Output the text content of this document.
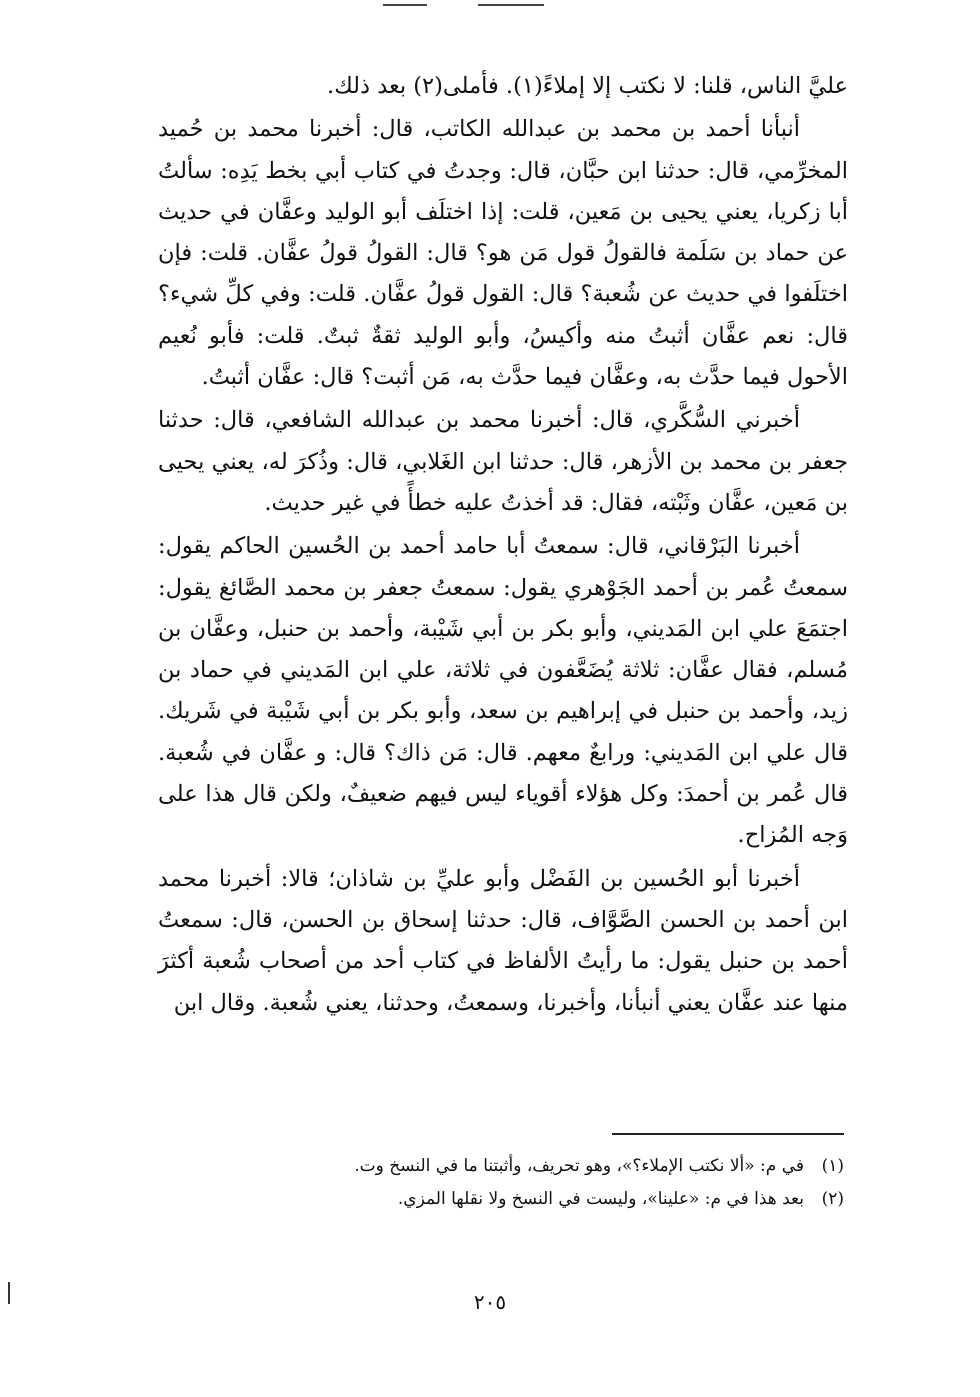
عليَّ الناس، قلنا: لا نكتب إلا إملاءً(١). فأملى(٢) بعد ذلك.

أنبأنا أحمد بن محمد بن عبدالله الكاتب، قال: أخبرنا محمد بن حُميد المخرِّمي، قال: حدثنا ابن حبَّان، قال: وجدتُ في كتاب أبي بخط يَدِه: سألتُ أبا زكريا، يعني يحيى بن مَعين، قلت: إذا اختلَف أبو الوليد وعفَّان في حديث عن حماد بن سَلَمة فالقولُ قول مَن هو؟ قال: القولُ قولُ عفَّان. قلت: فإن اختلَفوا في حديث عن شُعبة؟ قال: القول قولُ عفَّان. قلت: وفي كلِّ شيء؟ قال: نعم عفَّان أثبتُ منه وأكيسُ، وأبو الوليد ثقةٌ ثبتٌ. قلت: فأبو نُعيم الأحول فيما حدَّث به، وعفَّان فيما حدَّث به، مَن أثبت؟ قال: عفَّان أثبتُ.

أخبرني السُّكَّري، قال: أخبرنا محمد بن عبدالله الشافعي، قال: حدثنا جعفر بن محمد بن الأزهر، قال: حدثنا ابن الغَلابي، قال: وذُكرَ له، يعني يحيى بن مَعين، عفَّان وثَبْته، فقال: قد أخذتُ عليه خطأً في غير حديث.

أخبرنا البَرْقاني، قال: سمعتُ أبا حامد أحمد بن الحُسين الحاكم يقول: سمعتُ عُمر بن أحمد الجَوْهري يقول: سمعتُ جعفر بن محمد الصَّائغ يقول: اجتمَعَ علي ابن المَديني، وأبو بكر بن أبي شَيْبة، وأحمد بن حنبل، وعفَّان بن مُسلم، فقال عفَّان: ثلاثة يُضَعَّفون في ثلاثة، علي ابن المَديني في حماد بن زيد، وأحمد بن حنبل في إبراهيم بن سعد، وأبو بكر بن أبي شَيْبة في شَريك. قال علي ابن المَديني: ورابعٌ معهم. قال: مَن ذاك؟ قال: و عفَّان في شُعبة. قال عُمر بن أحمدَ: وكل هؤلاء أقوياء ليس فيهم ضعيفٌ، ولكن قال هذا على وَجه المُزاح.

أخبرنا أبو الحُسين بن الفَضْل وأبو عليِّ بن شاذان؛ قالا: أخبرنا محمد ابن أحمد بن الحسن الصَّوَّاف، قال: حدثنا إسحاق بن الحسن، قال: سمعتُ أحمد بن حنبل يقول: ما رأيتُ الألفاظ في كتاب أحد من أصحاب شُعبة أكثرَ منها عند عفَّان يعني أنبأنا، وأخبرنا، وسمعتُ، وحدثنا، يعني شُعبة. وقال ابن

(١)في م: «ألا نكتب الإملاء؟»، وهو تحريف، وأثبتنا ما في النسخ وت.
(٢)بعد هذا في م: «علينا»، وليست في النسخ ولا نقلها المزي.
٢٠٥
